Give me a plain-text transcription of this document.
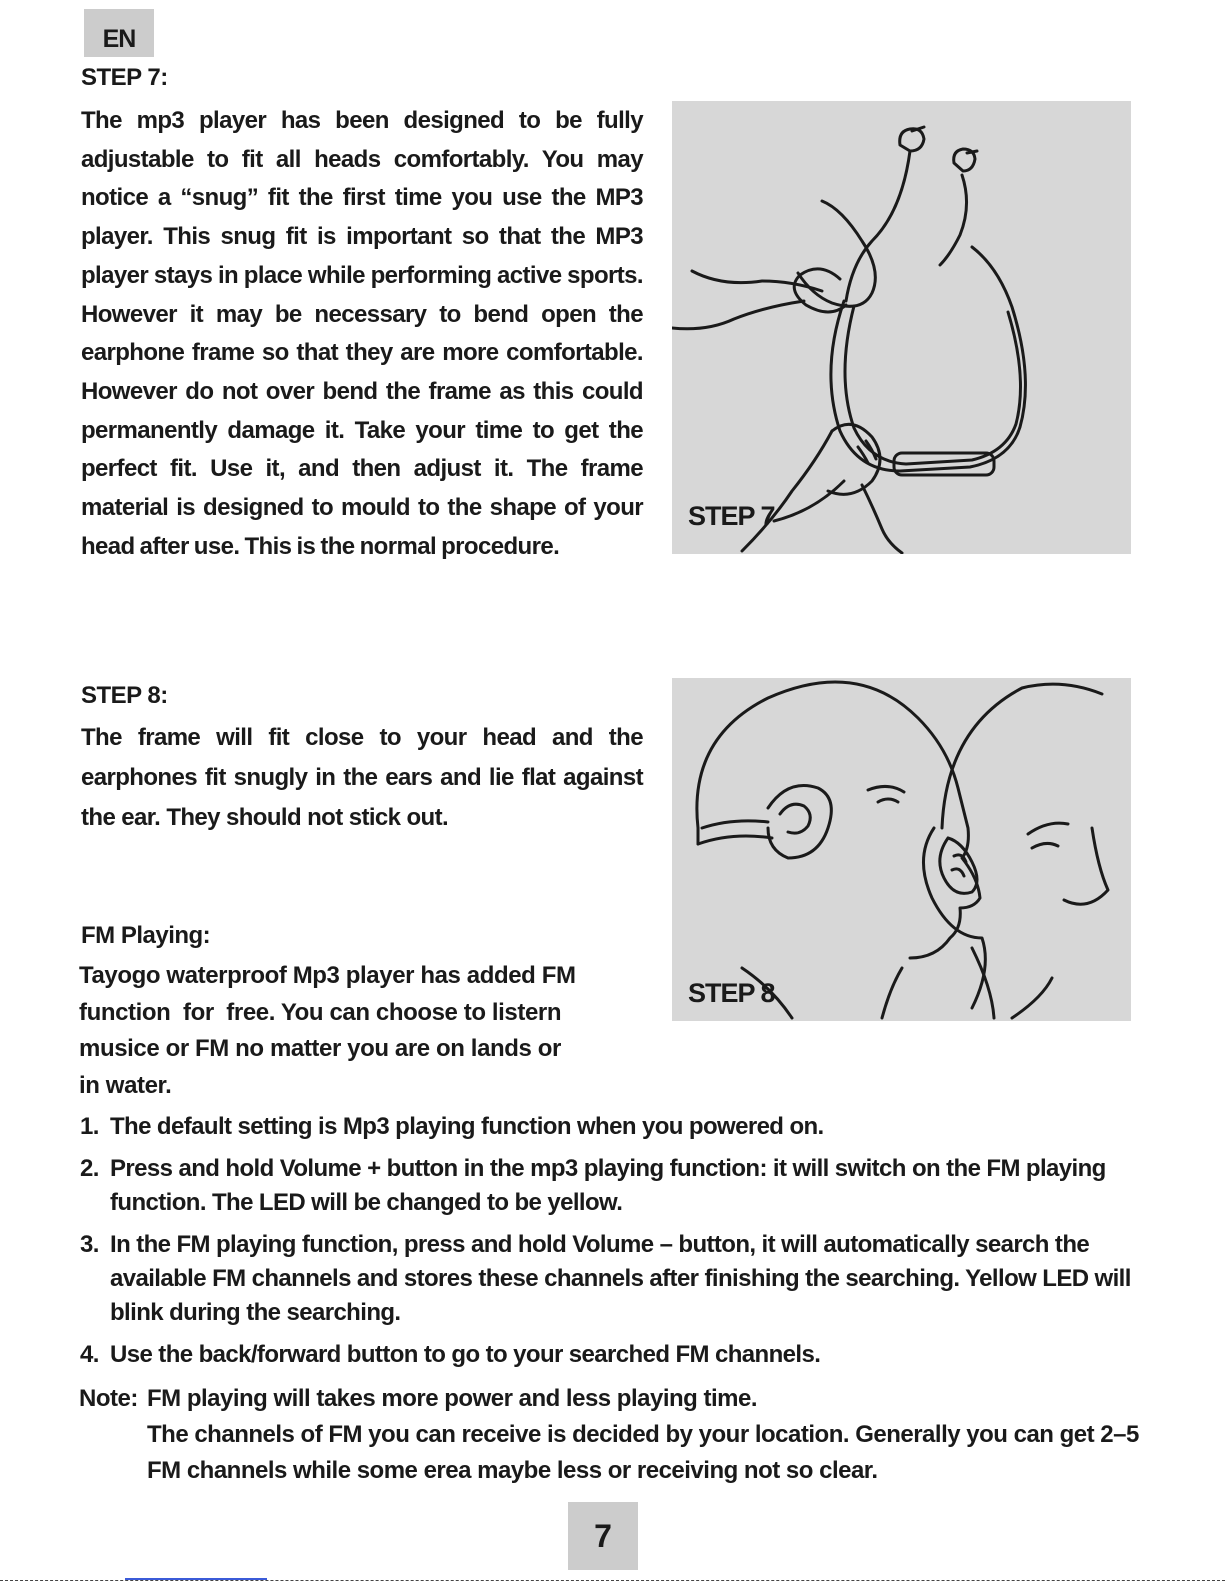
EN
STEP 7:

The mp3 player has been designed to be fully adjustable to fit all heads comfortably. You may notice a “snug” fit the first time you use the MP3 player. This snug fit is important so that the MP3 player stays in place while performing active sports. However it may be necessary to bend open the earphone frame so that they are more comfortable. However do not over bend the frame as this could permanently damage it. Take your time to get the perfect fit. Use it, and then adjust it. The frame material is designed to mould to the shape of your head after use. This is the normal procedure.

STEP 7
STEP 8:

The frame will fit close to your head and the earphones fit snugly in the ears and lie flat against the ear. They should not stick out.

STEP 8
FM Playing:
Tayogo waterproof Mp3 player has added FM
function  for  free. You can choose to listern
musice or FM no matter you are on lands or
in water.
1. The default setting is Mp3 playing function when you powered on.
2. Press and hold Volume + button in the mp3 playing function: it will switch on the FM playing function. The LED will be changed to be yellow.
3. In the FM playing function, press and hold Volume – button, it will automatically search the available FM channels and stores these channels after finishing the searching. Yellow LED will blink during the searching.
4. Use the back/forward button to go to your searched FM channels.
Note: FM playing will takes more power and less playing time.
The channels of FM you can receive is decided by your location. Generally you can get 2–5 FM channels while some erea maybe less or receiving not so clear.
7
